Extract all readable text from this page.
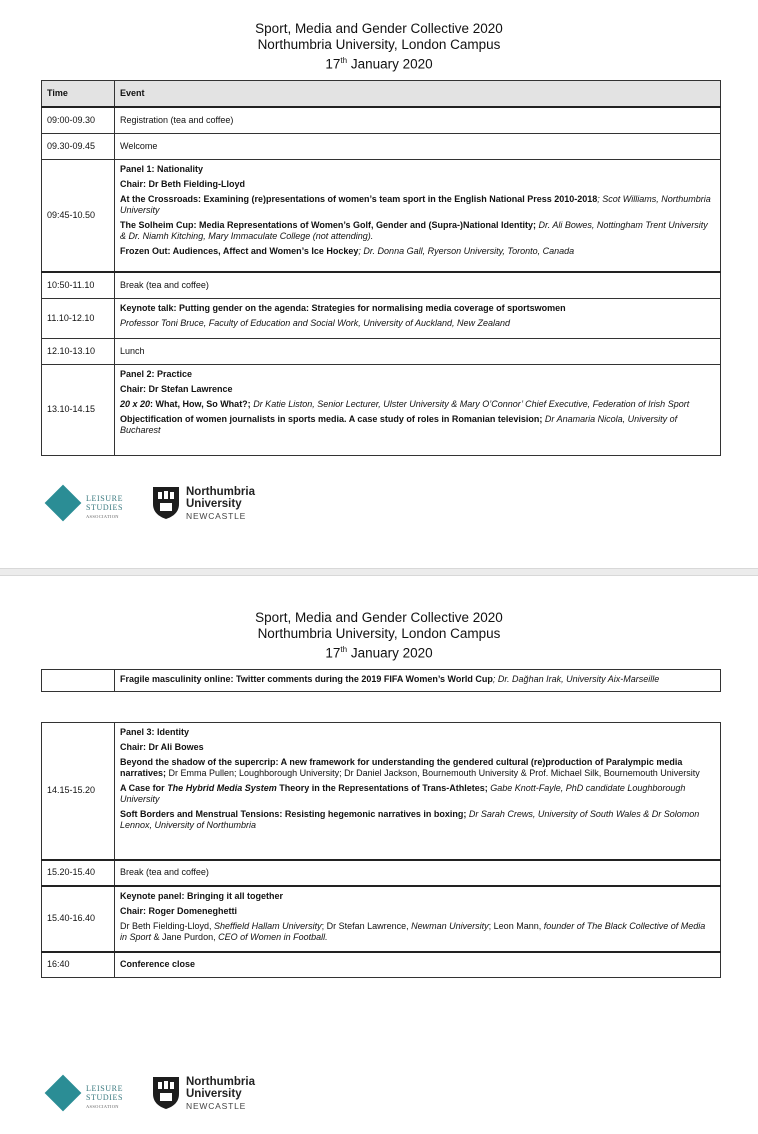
Sport, Media and Gender Collective 2020
Northumbria University, London Campus
17th January 2020
Time	Event
09:00-09.30	Registration (tea and coffee)
09.30-09.45	Welcome
09:45-10.50	Panel 1: Nationality
Chair: Dr Beth Fielding-Lloyd
At the Crossroads: Examining (re)presentations of women’s team sport in the English National Press 2010-2018; Scot Williams, Northumbria University
The Solheim Cup: Media Representations of Women’s Golf, Gender and (Supra-)National Identity; Dr. Ali Bowes, Nottingham Trent University & Dr. Niamh Kitching, Mary Immaculate College (not attending).
Frozen Out: Audiences, Affect and Women’s Ice Hockey; Dr. Donna Gall, Ryerson University, Toronto, Canada

10:50-11.10	Break (tea and coffee)
11.10-12.10	Keynote talk: Putting gender on the agenda: Strategies for normalising media coverage of sportswomen
Professor Toni Bruce, Faculty of Education and Social Work, University of Auckland, New Zealand

12.10-13.10	Lunch
13.10-14.15	Panel 2: Practice
Chair: Dr Stefan Lawrence
20 x 20: What, How, So What?; Dr Katie Liston, Senior Lecturer, Ulster University & Mary O’Connor’ Chief Executive, Federation of Irish Sport
Objectification of women journalists in sports media. A case study of roles in Romanian television; Dr Anamaria Nicola, University of Bucharest
LEISURE
STUDIES
ASSOCIATION
Northumbria
University
NEWCASTLE
Sport, Media and Gender Collective 2020
Northumbria University, London Campus
17th January 2020

Fragile masculinity online: Twitter comments during the 2019 FIFA Women’s World Cup; Dr. Dağhan Irak, University Aix-Marseille
14.15-15.20	Panel 3: Identity
Chair: Dr Ali Bowes
Beyond the shadow of the supercrip: A new framework for understanding the gendered cultural (re)production of Paralympic media narratives; Dr Emma Pullen; Loughborough University; Dr Daniel Jackson, Bournemouth University & Prof. Michael Silk, Bournemouth University
A Case for The Hybrid Media System Theory in the Representations of Trans-Athletes; Gabe Knott-Fayle, PhD candidate Loughborough University
Soft Borders and Menstrual Tensions: Resisting hegemonic narratives in boxing; Dr Sarah Crews, University of South Wales & Dr Solomon Lennox, University of Northumbria

15.20-15.40	Break (tea and coffee)
15.40-16.40	Keynote panel: Bringing it all together
Chair: Roger Domeneghetti
Dr Beth Fielding-Lloyd, Sheffield Hallam University; Dr Stefan Lawrence, Newman University; Leon Mann, founder of The Black Collective of Media in Sport & Jane Purdon, CEO of Women in Football.

16:40	Conference close
LEISURE
STUDIES
ASSOCIATION
Northumbria
University
NEWCASTLE
